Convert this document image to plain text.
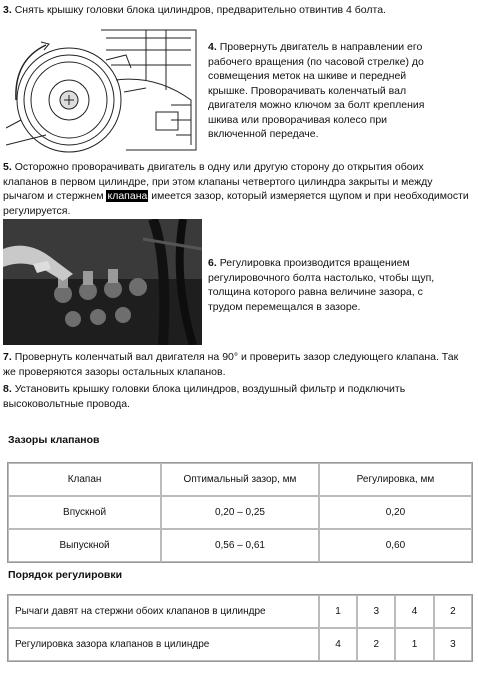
3. Снять крышку головки блока цилиндров, предварительно отвинтив 4 болта.

4. Провернуть двигатель в направлении его рабочего вращения (по часовой стрелке) до совмещения меток на шкиве и передней крышке. Проворачивать коленчатый вал двигателя можно ключом за болт крепления шкива или проворачивая колесо при включенной передаче.

5. Осторожно проворачивать двигатель в одну или другую сторону до открытия обоих клапанов в первом цилиндре, при этом клапаны четвертого цилиндра закрыты и между рычагом и стержнем клапана имеется зазор, который измеряется щупом и при необходимости регулируется.

6. Регулировка производится вращением регулировочного болта настолько, чтобы щуп, толщина которого равна величине зазора, с трудом перемещался в зазоре.

7. Провернуть коленчатый вал двигателя на 90° и проверить зазор следующего клапана. Так же проверяются зазоры остальных клапанов.

8. Установить крышку головки блока цилиндров, воздушный фильтр и подключить высоковольтные провода.

Зазоры клапанов
Клапан	Оптимальный зазор, мм	Регулировка, мм
Впускной	0,20 – 0,25	0,20
Выпускной	0,56 – 0,61	0,60
Порядок регулировки
Рычаги давят на стержни обоих клапанов в цилиндре	1	3	4	2
Регулировка зазора клапанов в цилиндре	4	2	1	3
